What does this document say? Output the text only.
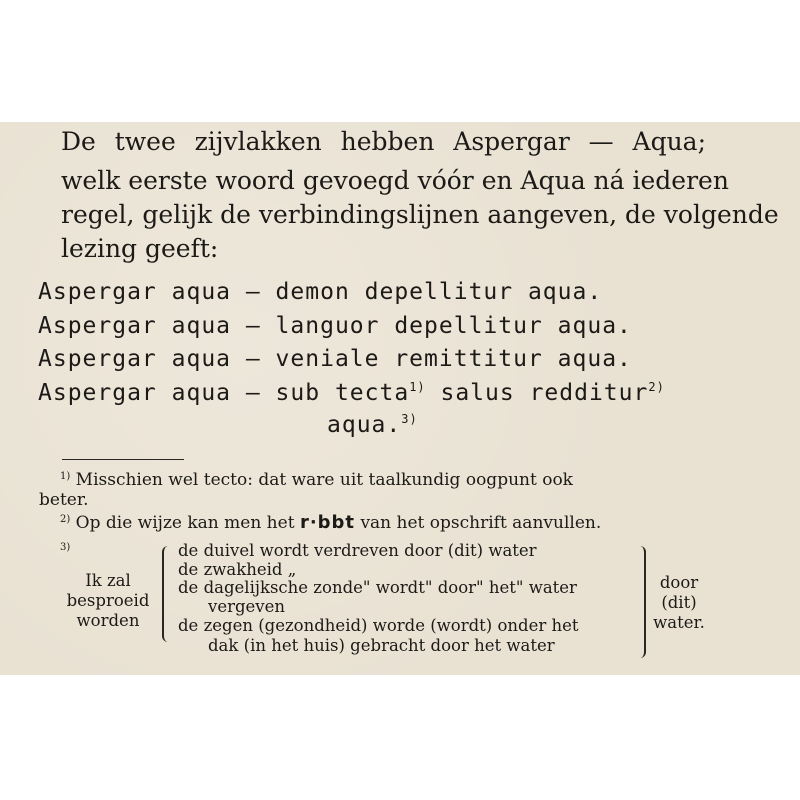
De twee zijvlakken hebben Aspergar — Aqua;
welk eerste woord gevoegd vóór en Aqua ná iederen
regel, gelijk de verbindingslijnen aangeven, de volgende
lezing geeft:
Aspergar aqua — demon depellitur aqua.
Aspergar aqua — languor depellitur aqua.
Aspergar aqua — veniale remittitur aqua.
Aspergar aqua — sub tecta$^{1)}$ salus redditur$^{2)}$
aqua.$^{3)}$
$^{1)}$ Misschien wel tecto: dat ware uit taalkundig oogpunt ook
beter.
$^{2)}$ Op die wijze kan men het r·bbt van het opschrift aanvullen.
$^{3)}$
Ik zal
besproeid
worden
de duivel wordt verdreven door (dit) water
de zwakheid „
de dagelijksche zonde" wordt" door" het" water
vergeven
de zegen (gezondheid) worde (wordt) onder het
dak (in het huis) gebracht door het water
door
(dit)
water.
